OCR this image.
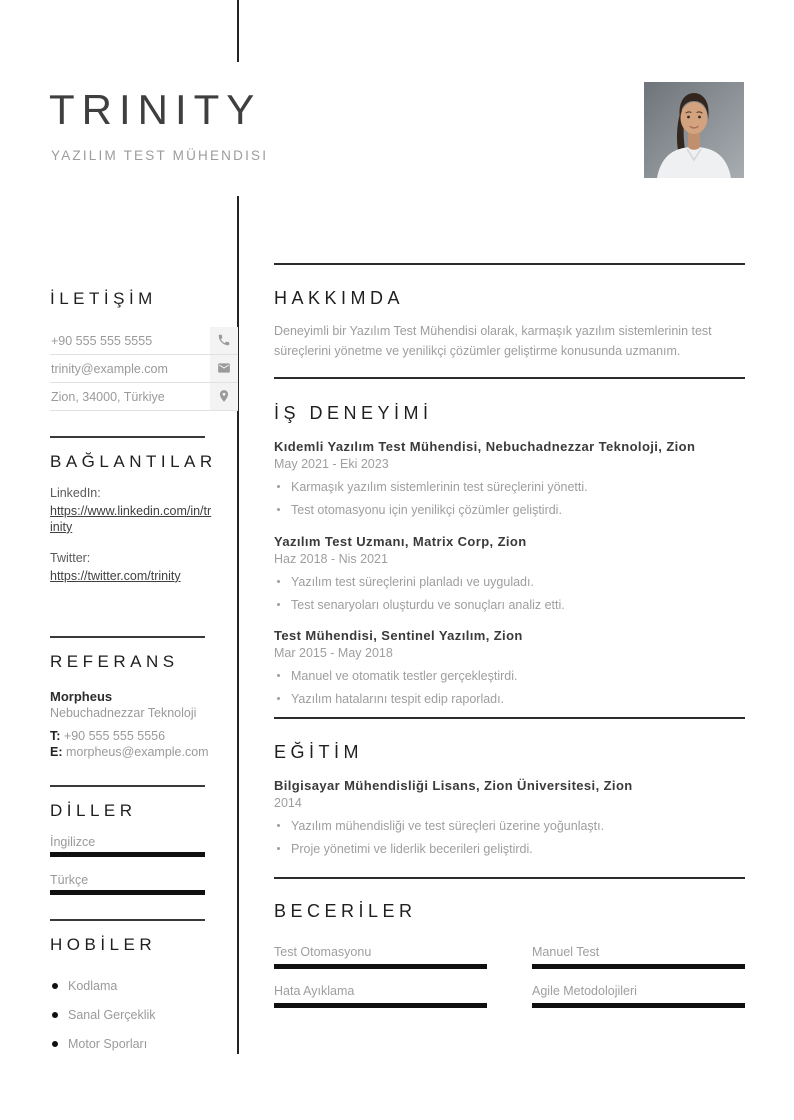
TRINITY
YAZILIM TEST MÜHENDISI
İLETİŞİM
+90 555 555 5555
trinity@example.com
Zion, 34000, Türkiye
BAĞLANTILAR
LinkedIn:
https://www.linkedin.com/in/trinity
Twitter:
https://twitter.com/trinity
REFERANS
Morpheus
Nebuchadnezzar Teknoloji
T: +90 555 555 5556
E: morpheus@example.com
DİLLER
İngilizce
Türkçe
HOBİLER
Kodlama
Sanal Gerçeklik
Motor Sporları
HAKKIMDA

Deneyimli bir Yazılım Test Mühendisi olarak, karmaşık yazılım sistemlerinin test süreçlerini yönetme ve yenilikçi çözümler geliştirme konusunda uzmanım.

İŞ DENEYİMİ
Kıdemli Yazılım Test Mühendisi, Nebuchadnezzar Teknoloji, Zion
May 2021 - Eki 2023
Karmaşık yazılım sistemlerinin test süreçlerini yönetti.
Test otomasyonu için yenilikçi çözümler geliştirdi.
Yazılım Test Uzmanı, Matrix Corp, Zion
Haz 2018 - Nis 2021
Yazılım test süreçlerini planladı ve uyguladı.
Test senaryoları oluşturdu ve sonuçları analiz etti.
Test Mühendisi, Sentinel Yazılım, Zion
Mar 2015 - May 2018
Manuel ve otomatik testler gerçekleştirdi.
Yazılım hatalarını tespit edip raporladı.
EĞİTİM
Bilgisayar Mühendisliği Lisans, Zion Üniversitesi, Zion
2014
Yazılım mühendisliği ve test süreçleri üzerine yoğunlaştı.
Proje yönetimi ve liderlik becerileri geliştirdi.
BECERİLER
Test Otomasyonu	Manuel Test
Hata Ayıklama	Agile Metodolojileri
